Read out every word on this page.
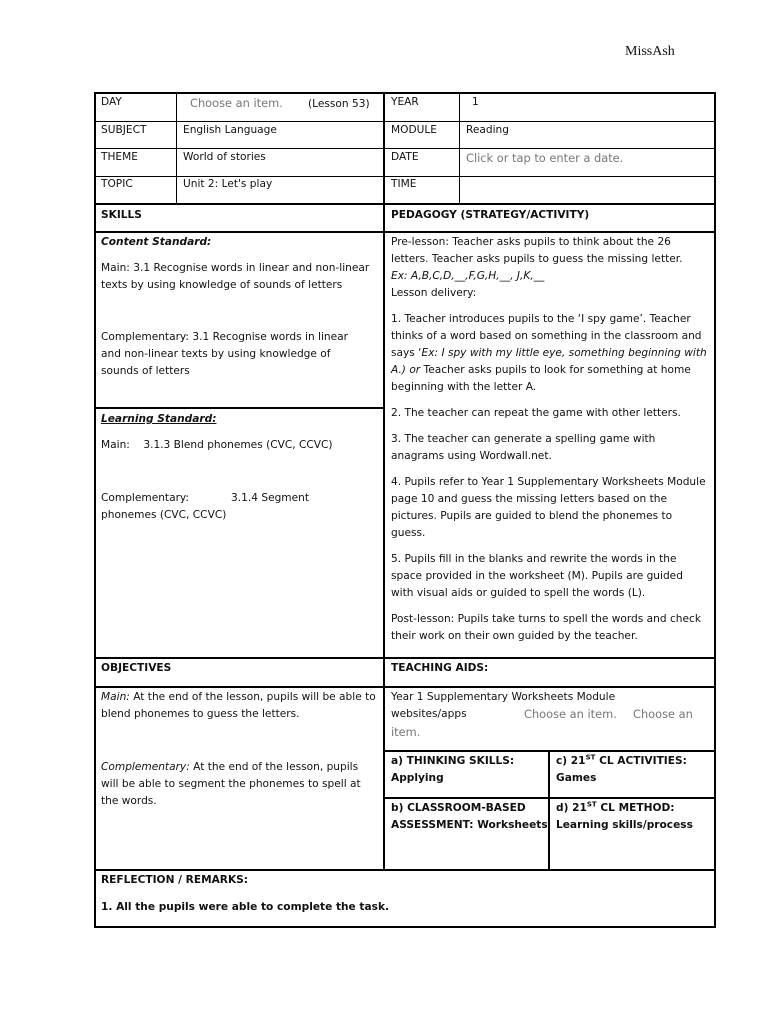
MissAsh
DAY	Choose an item. (Lesson 53) YEAR	1
SUBJECT	English Language	MODULE	Reading
THEME	World of stories	DATE	Click or tap to enter a date.
TOPIC	Unit 2: Let's play	TIME
SKILLS

Content Standard:

Main: 3.1 Recognise words in linear and non-linear texts by using knowledge of sounds of letters

Complementary: 3.1 Recognise words in linear and non-linear texts by using knowledge of sounds of letters

Learning Standard:

Main: 3.1.3 Blend phonemes (CVC, CCVC)

Complementary:	3.1.4 Segment

phonemes (CVC, CCVC)

PEDAGOGY (STRATEGY/ACTIVITY)

Pre-lesson: Teacher asks pupils to think about the 26 letters. Teacher asks pupils to guess the missing letter.

Ex: A,B,C,D,__,F,G,H,__, J,K,__

Lesson delivery:

1. Teacher introduces pupils to the ‘I spy game’. Teacher thinks of a word based on something in the classroom and says ‘Ex: I spy with my little eye, something beginning with A.) or Teacher asks pupils to look for something at home beginning with the letter A.

2. The teacher can repeat the game with other letters.

3. The teacher can generate a spelling game with anagrams using Wordwall.net.

4. Pupils refer to Year 1 Supplementary Worksheets Module page 10 and guess the missing letters based on the pictures. Pupils are guided to blend the phonemes to guess.

5. Pupils fill in the blanks and rewrite the words in the space provided in the worksheet (M). Pupils are guided with visual aids or guided to spell the words (L).

Post-lesson: Pupils take turns to spell the words and check their work on their own guided by the teacher.

OBJECTIVES

Main: At the end of the lesson, pupils will be able to blend phonemes to guess the letters.

Complementary: At the end of the lesson, pupils will be able to segment the phonemes to spell at the words.

TEACHING AIDS:
Year 1 Supplementary Worksheets Module
websites/apps	Choose an item. Choose an
item.
a) THINKING SKILLS:
Applying
c) 21ST CL ACTIVITIES:
Games
b) CLASSROOM-BASED
ASSESSMENT: Worksheets
d) 21ST CL METHOD:
Learning skills/process
REFLECTION / REMARKS:
1. All the pupils were able to complete the task.
